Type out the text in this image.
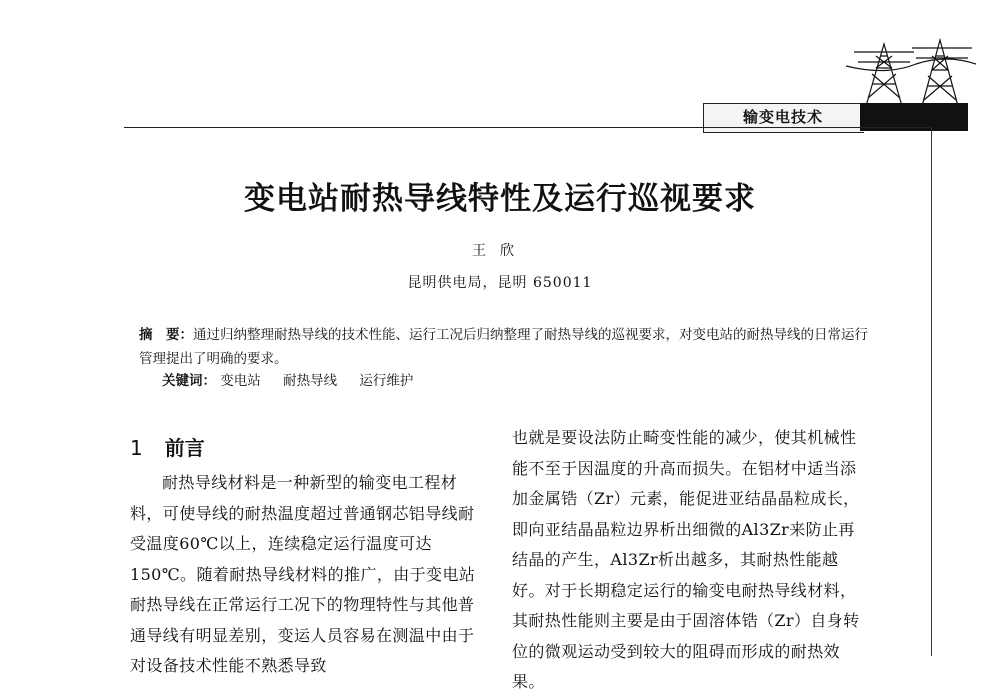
输变电技术
变电站耐热导线特性及运行巡视要求
王欣
昆明供电局，昆明 650011
摘　要：通过归纳整理耐热导线的技术性能、运行工况后归纳整理了耐热导线的巡视要求，对变电站的耐热导线的日常运行管理提出了明确的要求。
关键词： 变电站 耐热导线 运行维护
1 前言

耐热导线材料是一种新型的输变电工程材料，可使导线的耐热温度超过普通钢芯铝导线耐受温度60℃以上，连续稳定运行温度可达150℃。随着耐热导线材料的推广，由于变电站耐热导线在正常运行工况下的物理特性与其他普通导线有明显差别，变运人员容易在测温中由于对设备技术性能不熟悉导致

也就是要设法防止畸变性能的减少，使其机械性能不至于因温度的升高而损失。在铝材中适当添加金属锆（Zr）元素，能促进亚结晶晶粒成长，即向亚结晶晶粒边界析出细微的Al3Zr来防止再结晶的产生，Al3Zr析出越多，其耐热性能越好。对于长期稳定运行的输变电耐热导线材料，其耐热性能则主要是由于固溶体锆（Zr）自身转位的微观运动受到较大的阻碍而形成的耐热效果。
